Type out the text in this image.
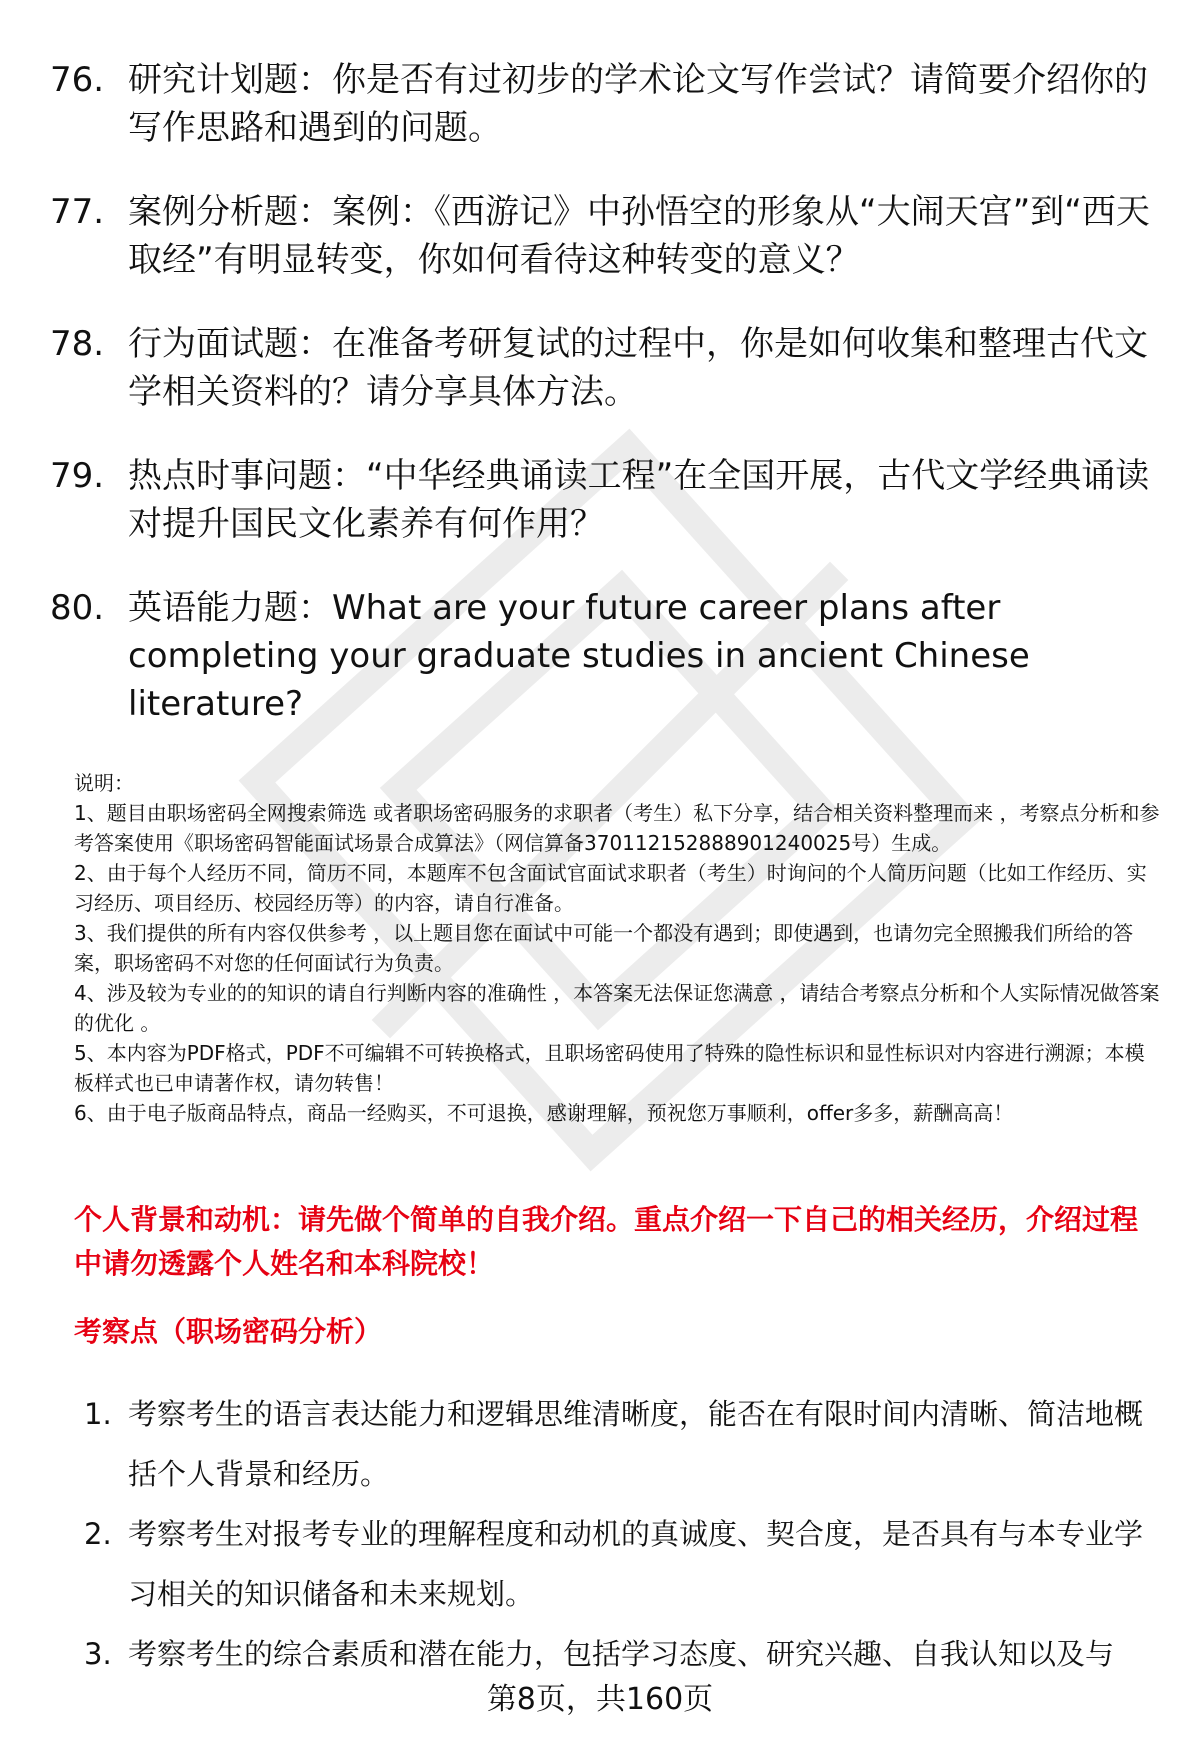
76. 研究计划题：你是否有过初步的学术论文写作尝试？请简要介绍你的写作思路和遇到的问题。
77. 案例分析题：案例：《西游记》中孙悟空的形象从“大闹天宫”到“西天取经”有明显转变，你如何看待这种转变的意义？
78. 行为面试题：在准备考研复试的过程中，你是如何收集和整理古代文学相关资料的？请分享具体方法。
79. 热点时事问题：“中华经典诵读工程”在全国开展，古代文学经典诵读对提升国民文化素养有何作用？
80. 英语能力题：What are your future career plans after completing your graduate studies in ancient Chinese literature?

说明：

1、题目由职场密码全网搜索筛选 或者职场密码服务的求职者（考生）私下分享，结合相关资料整理而来 ，考察点分析和参考答案使用《职场密码智能面试场景合成算法》（网信算备370112152888901240025号）生成。

2、由于每个人经历不同，简历不同，本题库不包含面试官面试求职者（考生）时询问的个人简历问题（比如工作经历、实习经历、项目经历、校园经历等）的内容，请自行准备。

3、我们提供的所有内容仅供参考 ，以上题目您在面试中可能一个都没有遇到；即使遇到，也请勿完全照搬我们所给的答案，职场密码不对您的任何面试行为负责。

4、涉及较为专业的的知识的请自行判断内容的准确性 ，本答案无法保证您满意 ，请结合考察点分析和个人实际情况做答案的优化 。

5、本内容为PDF格式，PDF不可编辑不可转换格式，且职场密码使用了特殊的隐性标识和显性标识对内容进行溯源；本模板样式也已申请著作权，请勿转售！

6、由于电子版商品特点，商品一经购买，不可退换，感谢理解，预祝您万事顺利，offer多多，薪酬高高！

个人背景和动机：请先做个简单的自我介绍。重点介绍一下自己的相关经历，介绍过程中请勿透露个人姓名和本科院校！
考察点（职场密码分析）
1. 考察考生的语言表达能力和逻辑思维清晰度，能否在有限时间内清晰、简洁地概括个人背景和经历。
2. 考察考生对报考专业的理解程度和动机的真诚度、契合度，是否具有与本专业学习相关的知识储备和未来规划。
3. 考察考生的综合素质和潜在能力，包括学习态度、研究兴趣、自我认知以及与
第8页，共160页
